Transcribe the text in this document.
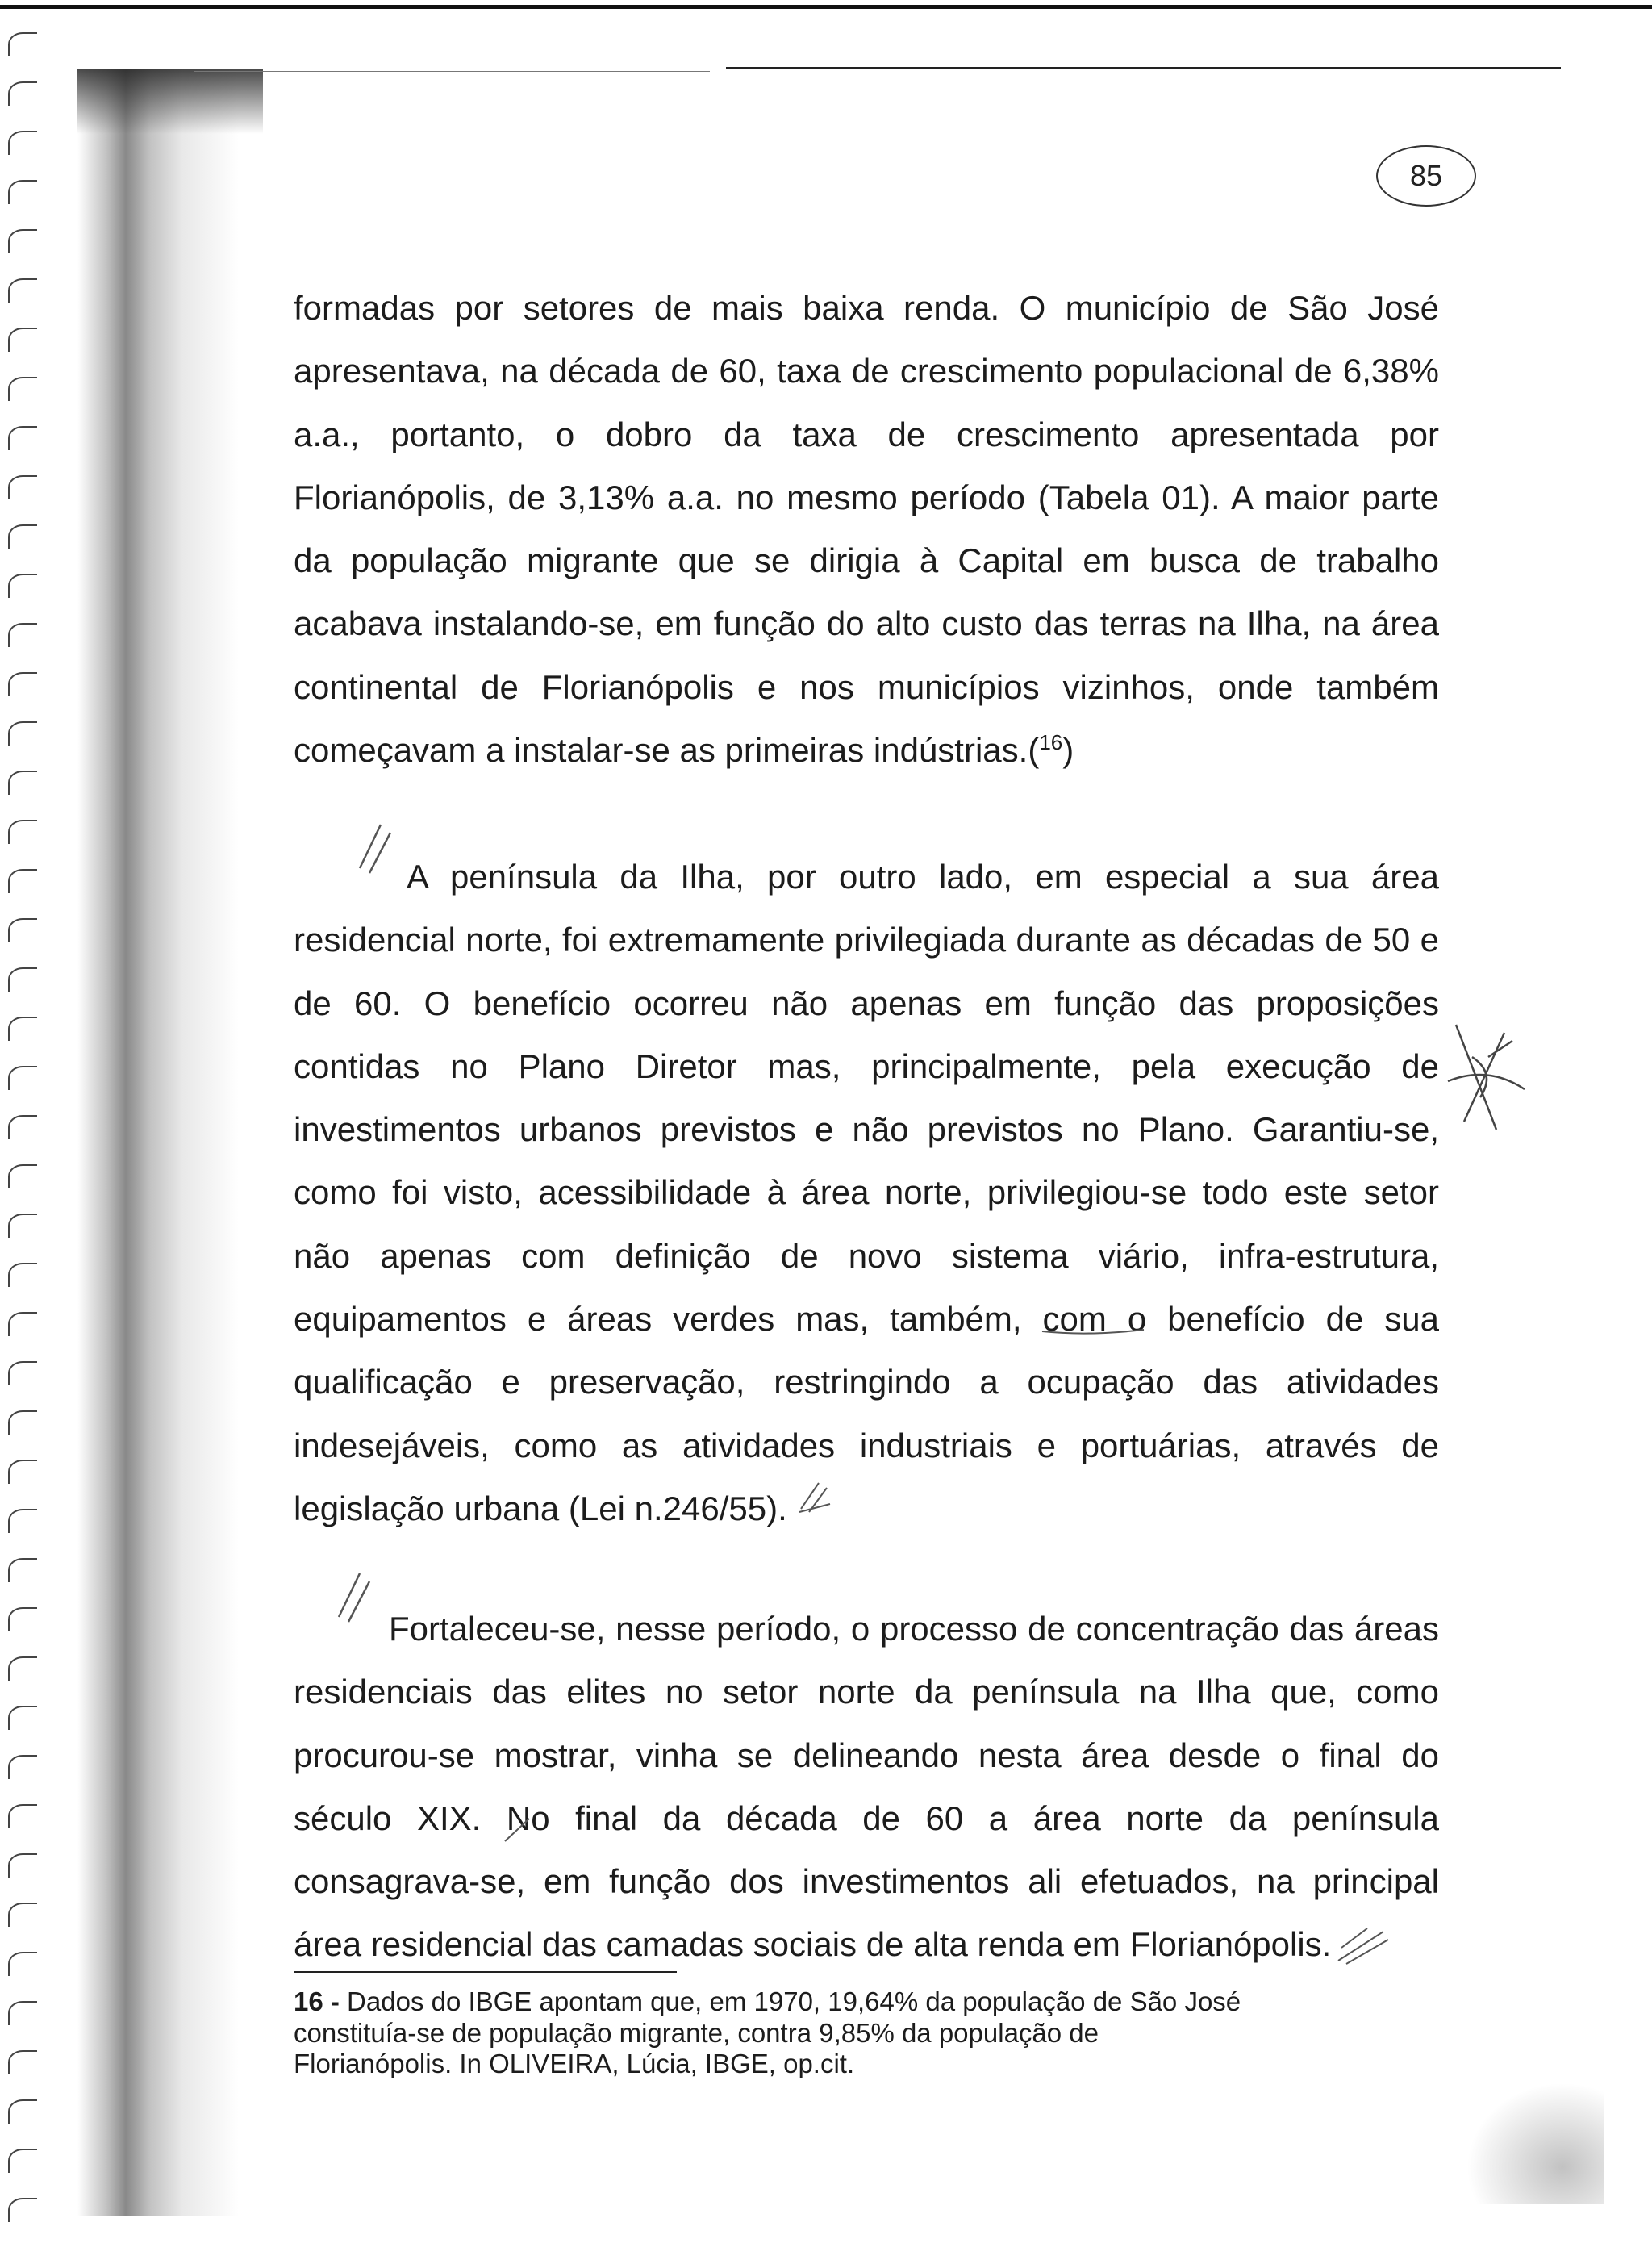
85
formadas por setores de mais baixa renda. O município de São José apresentava, na década de 60, taxa de crescimento populacional de 6,38% a.a., portanto, o dobro da taxa de crescimento apresentada por Florianópolis, de 3,13% a.a. no mesmo período (Tabela 01). A maior parte da população migrante que se dirigia à Capital em busca de trabalho acabava instalando-se, em função do alto custo das terras na Ilha, na área continental de Florianópolis e nos municípios vizinhos, onde também começavam a instalar-se as primeiras indústrias.($^{16}$)
A península da Ilha, por outro lado, em especial a sua área residencial norte, foi extremamente privilegiada durante as décadas de 50 e de 60. O benefício ocorreu não apenas em função das proposições contidas no Plano Diretor mas, principalmente, pela execução de investimentos urbanos previstos e não previstos no Plano. Garantiu-se, como foi visto, acessibilidade à área norte, privilegiou-se todo este setor não apenas com definição de novo sistema viário, infra-estrutura, equipamentos e áreas verdes mas, também, com o benefício de sua qualificação e preservação, restringindo a ocupação das atividades indesejáveis, como as atividades industriais e portuárias, através de legislação urbana (Lei n.246/55).
Fortaleceu-se, nesse período, o processo de concentração das áreas residenciais das elites no setor norte da península na Ilha que, como procurou-se mostrar, vinha se delineando nesta área desde o final do século XIX. No final da década de 60 a área norte da península consagrava-se, em função dos investimentos ali efetuados, na principal área residencial das camadas sociais de alta renda em Florianópolis.
16 - Dados do IBGE apontam que, em 1970, 19,64% da população de São José constituía-se de população migrante, contra 9,85% da população de Florianópolis. In OLIVEIRA, Lúcia, IBGE, op.cit.
